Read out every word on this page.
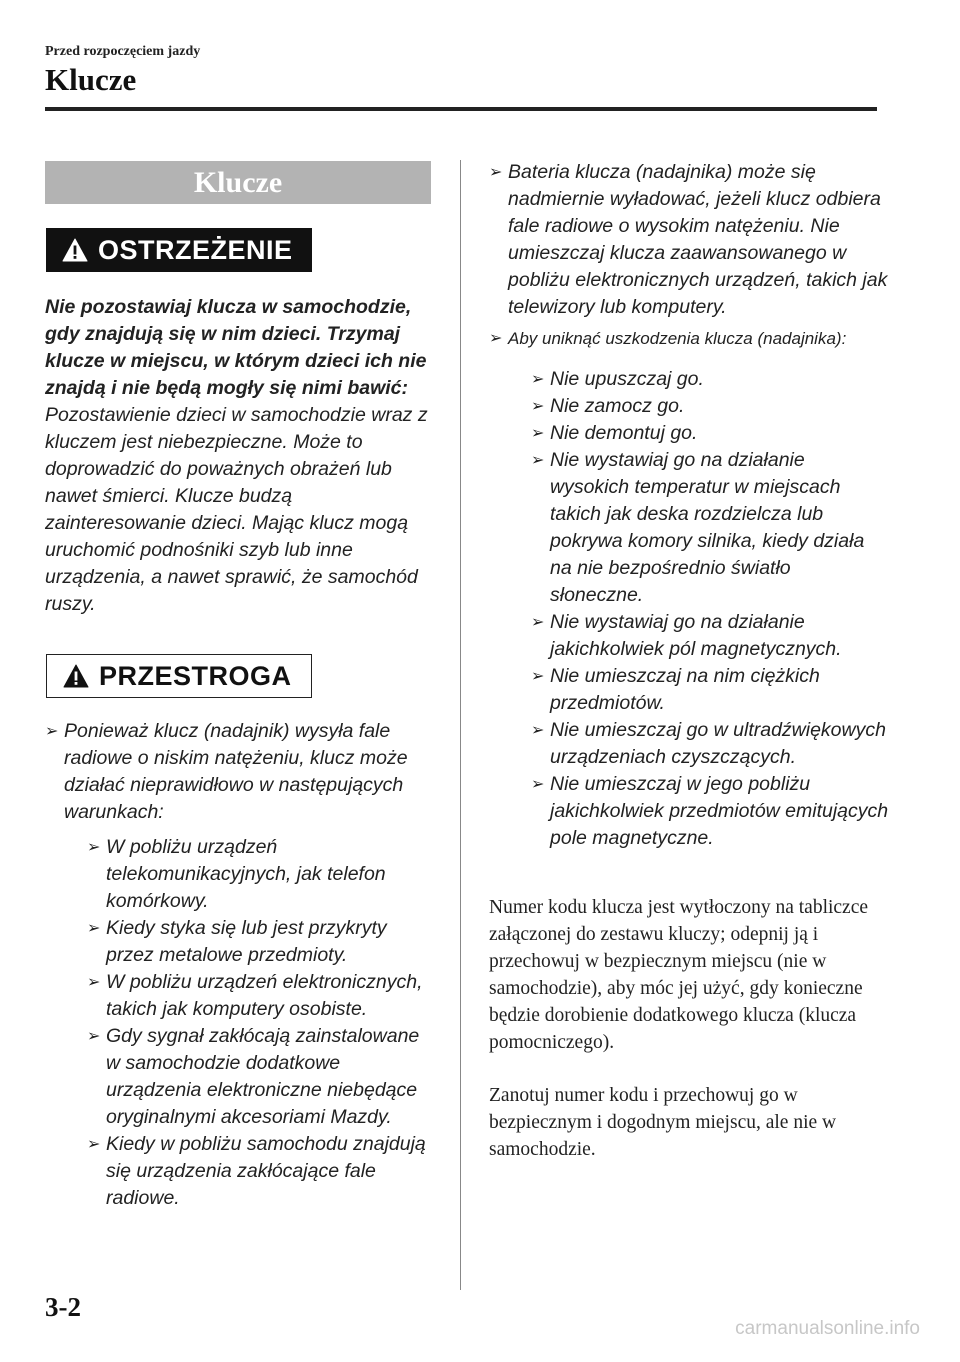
Przed rozpoczęciem jazdy
Klucze
Klucze
OSTRZEŻENIE
Nie pozostawiaj klucza w samochodzie, gdy znajdują się w nim dzieci. Trzymaj klucze w miejscu, w którym dzieci ich nie znajdą i nie będą mogły się nimi bawić:
Pozostawienie dzieci w samochodzie wraz z kluczem jest niebezpieczne. Może to doprowadzić do poważnych obrażeń lub nawet śmierci. Klucze budzą zainteresowanie dzieci. Mając klucz mogą uruchomić podnośniki szyb lub inne urządzenia, a nawet sprawić, że samochód ruszy.
PRZESTROGA
➢ Ponieważ klucz (nadajnik) wysyła fale radiowe o niskim natężeniu, klucz może działać nieprawidłowo w następujących warunkach:
➢ W pobliżu urządzeń telekomunikacyjnych, jak telefon komórkowy.
➢ Kiedy styka się lub jest przykryty przez metalowe przedmioty.
➢ W pobliżu urządzeń elektronicznych, takich jak komputery osobiste.
➢ Gdy sygnał zakłócają zainstalowane w samochodzie dodatkowe urządzenia elektroniczne niebędące oryginalnymi akcesoriami Mazdy.
➢ Kiedy w pobliżu samochodu znajdują się urządzenia zakłócające fale radiowe.
➢ Bateria klucza (nadajnika) może się nadmiernie wyładować, jeżeli klucz odbiera fale radiowe o wysokim natężeniu. Nie umieszczaj klucza zaawansowanego w pobliżu elektronicznych urządzeń, takich jak telewizory lub komputery.
➢ Aby uniknąć uszkodzenia klucza (nadajnika):
➢ Nie upuszczaj go.
➢ Nie zamocz go.
➢ Nie demontuj go.
➢ Nie wystawiaj go na działanie wysokich temperatur w miejscach takich jak deska rozdzielcza lub pokrywa komory silnika, kiedy działa na nie bezpośrednio światło słoneczne.
➢ Nie wystawiaj go na działanie jakichkolwiek pól magnetycznych.
➢ Nie umieszczaj na nim ciężkich przedmiotów.
➢ Nie umieszczaj go w ultradźwiękowych urządzeniach czyszczących.
➢ Nie umieszczaj w jego pobliżu jakichkolwiek przedmiotów emitujących pole magnetyczne.

Numer kodu klucza jest wytłoczony na tabliczce załączonej do zestawu kluczy; odepnij ją i przechowuj w bezpiecznym miejscu (nie w samochodzie), aby móc jej użyć, gdy konieczne będzie dorobienie dodatkowego klucza (klucza pomocniczego).

Zanotuj numer kodu i przechowuj go w bezpiecznym i dogodnym miejscu, ale nie w samochodzie.

3-2
carmanualsonline.info
